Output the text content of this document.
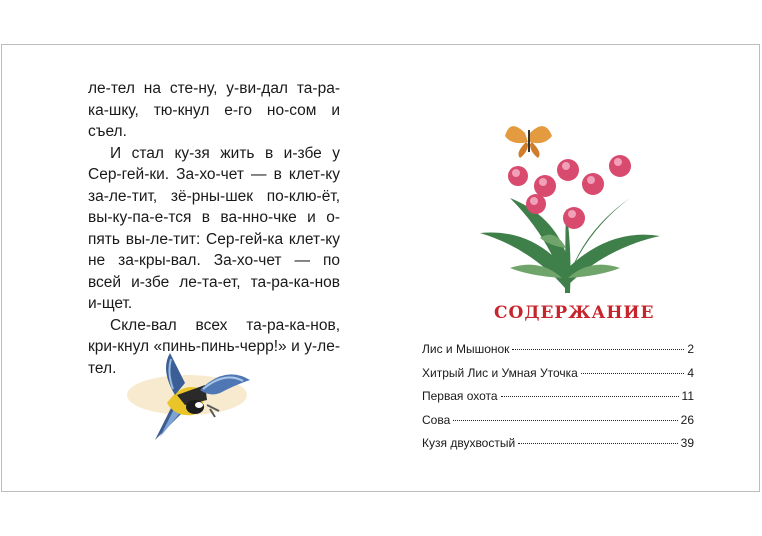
ле-тел на сте-ну, у-ви-дал та-ра-ка-шку, тю-кнул е-го но-сом и съел.

И стал ку-зя жить в и-збе у Сер-гей-ки. За-хо-чет — в клет-ку за-ле-тит, зё-рны-шек по-клю-ёт, вы-ку-па-е-тся в ва-нно-чке и о-пять вы-ле-тит: Сер-гей-ка клет-ку не за-кры-вал. За-хо-чет — по всей и-збе ле-та-ет, та-ра-ка-нов и-щет.

Скле-вал всех та-ра-ка-нов, кри-кнул «пинь-пинь-черр!» и у-ле-тел.

СОДЕРЖАНИЕ
Лис и Мышонок	2
Хитрый Лис и Умная Уточка	4
Первая охота	11
Сова	26
Кузя двухвостый	39
